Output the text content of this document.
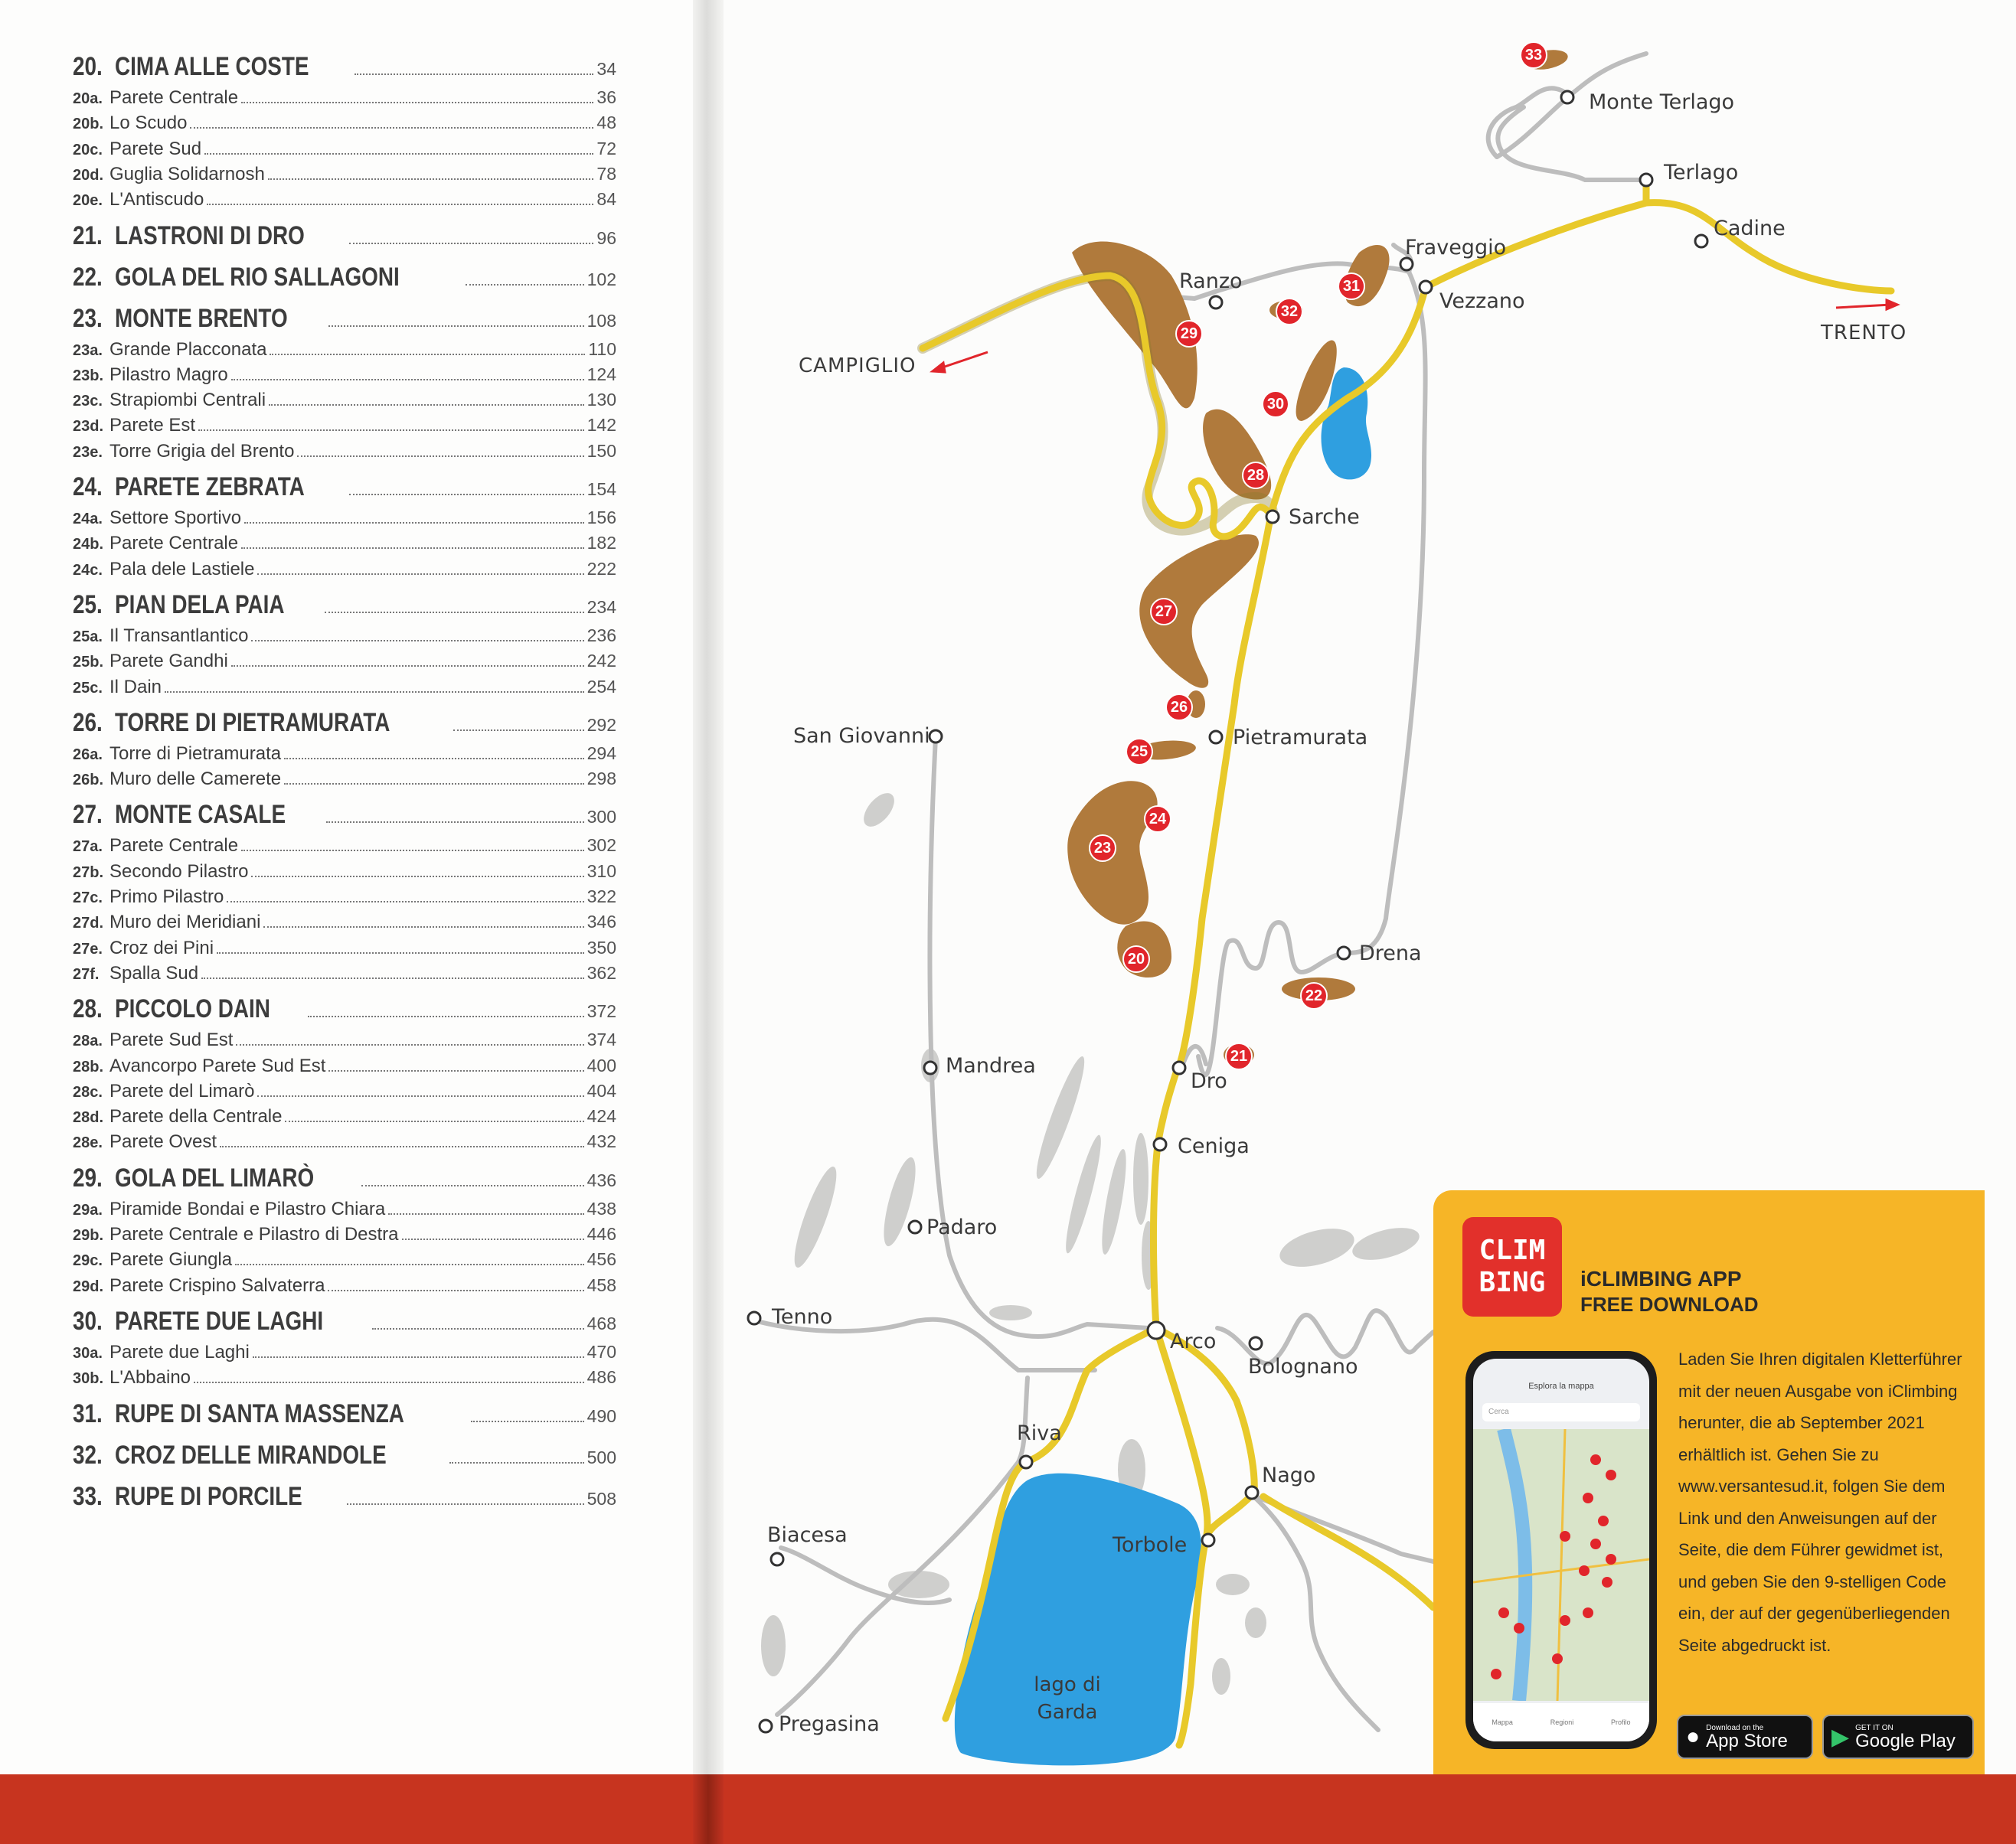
20. CIMA ALLE COSTE	34
20a. Parete Centrale	36
20b. Lo Scudo	48
20c. Parete Sud	72
20d. Guglia Solidarnosh	78
20e. L'Antiscudo	84
21. LASTRONI DI DRO	96
22. GOLA DEL RIO SALLAGONI	102
23. MONTE BRENTO	108
23a. Grande Placconata	110
23b. Pilastro Magro	124
23c. Strapiombi Centrali	130
23d. Parete Est	142
23e. Torre Grigia del Brento	150
24. PARETE ZEBRATA	154
24a. Settore Sportivo	156
24b. Parete Centrale	182
24c. Pala dele Lastiele	222
25. PIAN DELA PAIA	234
25a. Il Transantlantico	236
25b. Parete Gandhi	242
25c. Il Dain	254
26. TORRE DI PIETRAMURATA	292
26a. Torre di Pietramurata	294
26b. Muro delle Camerete	298
27. MONTE CASALE	300
27a. Parete Centrale	302
27b. Secondo Pilastro	310
27c. Primo Pilastro	322
27d. Muro dei Meridiani	346
27e. Croz dei Pini	350
27f. Spalla Sud	362
28. PICCOLO DAIN	372
28a. Parete Sud Est	374
28b. Avancorpo Parete Sud Est	400
28c. Parete del Limarò	404
28d. Parete della Centrale	424
28e. Parete Ovest	432
29. GOLA DEL LIMARÒ	436
29a. Piramide Bondai e Pilastro Chiara	438
29b. Parete Centrale e Pilastro di Destra	446
29c. Parete Giungla	456
29d. Parete Crispino Salvaterra	458
30. PARETE DUE LAGHI	468
30a. Parete due Laghi	470
30b. L'Abbaino	486
31. RUPE DI SANTA MASSENZA	490
32. CROZ DELLE MIRANDOLE	500
33. RUPE DI PORCILE	508
Monte Terlago
Terlago
Cadine
TRENTO
Fraveggio
Vezzano
Ranzo
CAMPIGLIO
Sarche
Pietramurata
San Giovanni
Drena
Mandrea
Dro
Ceniga
Padaro
Tenno
Arco
Bolognano
Riva
Nago
Biacesa	Torbole
lago di Garda
Pregasina
33
31
32
29
30
28
27
26
25
24
23
20
22
21
CLIM
BING	iCLIMBING APP
FREE DOWNLOAD
Esplora la mappa
Cerca
Mappa	Regioni	Profilo
Laden Sie Ihren digitalen Kletterführer mit der neuen Ausgabe von iClimbing herunter, die ab September 2021 erhältlich ist. Gehen Sie zu www.versantesud.it, folgen Sie dem Link und den Anweisungen auf der Seite, die dem Führer gewidmet ist, und geben Sie den 9-stelligen Code ein, der auf der gegenüberliegenden Seite abgedruckt ist.
● Download on the
App Store ▶ GET IT ON
Google Play
